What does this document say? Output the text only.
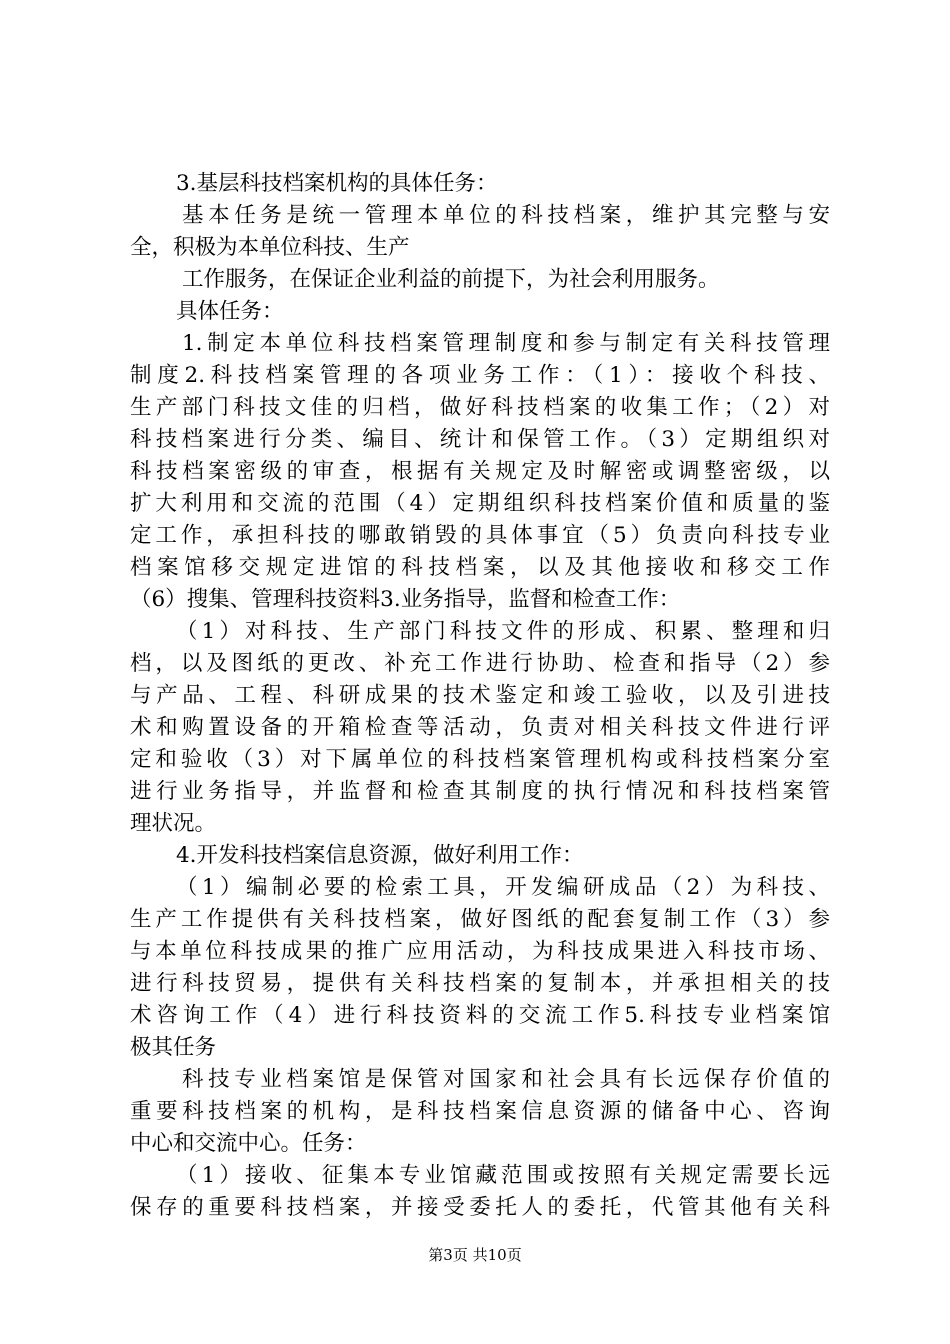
3.基层科技档案机构的具体任务：
基本任务是统一管理本单位的科技档案，维护其完整与安
全，积极为本单位科技、生产
工作服务，在保证企业利益的前提下，为社会利用服务。
具体任务：
1.制定本单位科技档案管理制度和参与制定有关科技管理
制度2.科技档案管理的各项业务工作：（1）：接收个科技、
生产部门科技文佳的归档，做好科技档案的收集工作；（2）对
科技档案进行分类、编目、统计和保管工作。（3）定期组织对
科技档案密级的审查，根据有关规定及时解密或调整密级，以
扩大利用和交流的范围（4）定期组织科技档案价值和质量的鉴
定工作，承担科技的哪敢销毁的具体事宜（5）负责向科技专业
档案馆移交规定进馆的科技档案，以及其他接收和移交工作
（6）搜集、管理科技资料3.业务指导，监督和检查工作：
（1）对科技、生产部门科技文件的形成、积累、整理和归
档，以及图纸的更改、补充工作进行协助、检查和指导（2）参
与产品、工程、科研成果的技术鉴定和竣工验收，以及引进技
术和购置设备的开箱检查等活动，负责对相关科技文件进行评
定和验收（3）对下属单位的科技档案管理机构或科技档案分室
进行业务指导，并监督和检查其制度的执行情况和科技档案管
理状况。
4.开发科技档案信息资源，做好利用工作：
（1）编制必要的检索工具，开发编研成品（2）为科技、
生产工作提供有关科技档案，做好图纸的配套复制工作（3）参
与本单位科技成果的推广应用活动，为科技成果进入科技市场、
进行科技贸易，提供有关科技档案的复制本，并承担相关的技
术咨询工作（4）进行科技资料的交流工作5.科技专业档案馆
极其任务
科技专业档案馆是保管对国家和社会具有长远保存价值的
重要科技档案的机构，是科技档案信息资源的储备中心、咨询
中心和交流中心。任务：
（1）接收、征集本专业馆藏范围或按照有关规定需要长远
保存的重要科技档案，并接受委托人的委托，代管其他有关科
第3页 共10页
